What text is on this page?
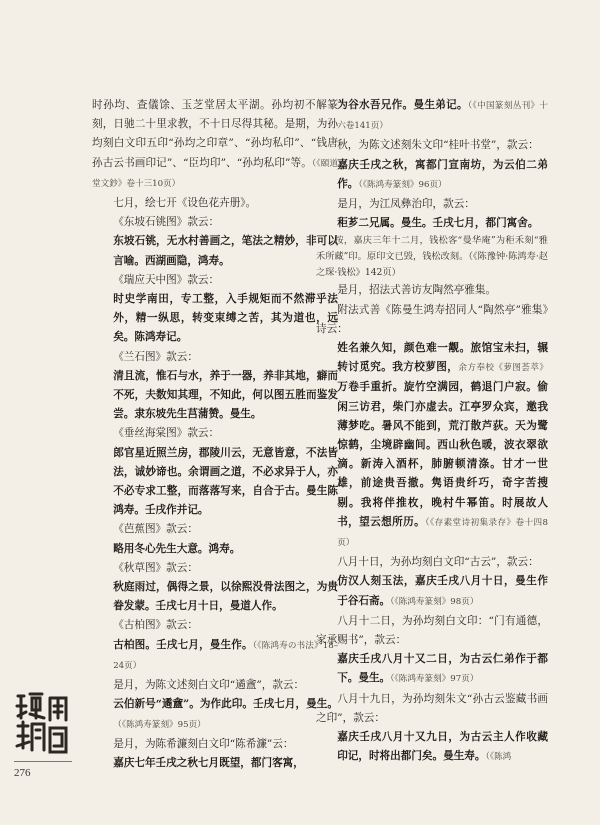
时孙均、查儀馀、玉芝堂居太平湖。孙均初不解篆刻，日驰二十里求教，不十日尽得其秘。是期，为孙均刻白文印五印“孙均之印章”、“孙均私印”、“钱唐孙古云书画印记”、“臣均印”、“孙均私印”等。（《頤道堂文鈔》卷十三10页）

七月，绘七开《设色花卉册》。

《东坡石铫图》款云：

东坡石铫，无水村善画之，笔法之精妙，非可以言喻。西湖画隐，鸿寿。

《瑞应天中图》款云：

时史学南田，专工整，入手规矩而不然滞乎法外，精一纵思，转变束缚之苦，其为道也，远矣。陈鸿寿记。

《兰石图》款云：

清且流，惟石与水，养于一器，养非其地，癖而不死，夫数知其理，不知此，何以图五胜而鉴发尝。隶东坡先生莒蒲赞。曼生。

《垂丝海棠图》款云：

郎官星近照兰房，郡陵川云，无意皆意，不法皆法，诚妙谛也。余谓画之道，不必求异于人，亦不必专求工整，而落落写来，自合于古。曼生陈鸿寿。壬戌作并记。

《芭蕉图》款云：

略用冬心先生大意。鸿寿。

《秋草图》款云：

秋庭雨过，偶得之景，以徐熙没骨法图之，为贵眷发蒙。壬戌七月十日，曼道人作。

《古柏图》款云：

古柏图。壬戌七月，曼生作。（《陈鸿寿の书法》18–24页）

是月，为陈文述刻白文印“遹盦”，款云：

云伯新号“遹盦”。为作此印。壬戌七月，曼生。（《陈鸿寿篆刻》95页）

是月，为陈希濂刻白文印“陈希濂”云：

嘉庆七年壬戌之秋七月既望，都门客寓，

为谷水吾兄作。曼生弟记。（《中国篆刻丛刊》十六卷141页）

秋，为陈文述刻朱文印“桂叶书堂”，款云：

嘉庆壬戌之秋，寓都门宣南坊，为云伯二弟作。（《陈鸿寿篆刻》96页）

是月，为江凤彝治印，款云：

秬芗二兄属。曼生。壬戌七月，都门寓舍。

按，嘉庆三年十二月，钱松客“曼华庵”为秬禾刻“雅禾所藏”印。原印文已毁，钱松改刻。（《陈豫钟·陈鸿寿·赵之琛·钱松》142页）

是月，招法式善访友陶然亭雅集。

附法式善《陈曼生鸿寿招同人“陶然亭”雅集》诗云：

姓名兼久知，颜色难一觏。旅馆宝未扫，辗转讨觅究。我方校萝图，余方奉校《萝图荟萃》万卷手重折。旋竹空满园，鹤退门户寂。偷闲三访君，柴门亦虚去。江亭罗众宾，邀我薄梦吃。暑风不能到，荒汀散芦荻。天为鹭惊鹤，尘境辟幽间。西山秋色暖，波衣翠欲滴。新涛入酒杯，肺腑顿清涤。甘才一世雄，前途贵吾撤。隽语贵纤巧，奇字苦搜剔。我将伴推枚，晚村牛幂笛。时展故人书，望云想所历。（《存素堂诗初集录存》卷十四8页）

八月十日，为孙均刻白文印“古云”，款云：

仿汉人刻玉法，嘉庆壬戌八月十日，曼生作于谷石斋。（《陈鸿寿篆刻》98页）

八月十二日，为孙均刻白文印：“门有通德，家承赐书”，款云：

嘉庆壬戌八月十又二日，为古云仁弟作于都下。曼生。（《陈鸿寿篆刻》97页）

八月十九日，为孙均刻朱文“孙古云鉴藏书画之印”，款云：

嘉庆壬戌八月十又九日，为古云主人作收藏印记，时将出都门矣。曼生寿。（《陈鸿

276
